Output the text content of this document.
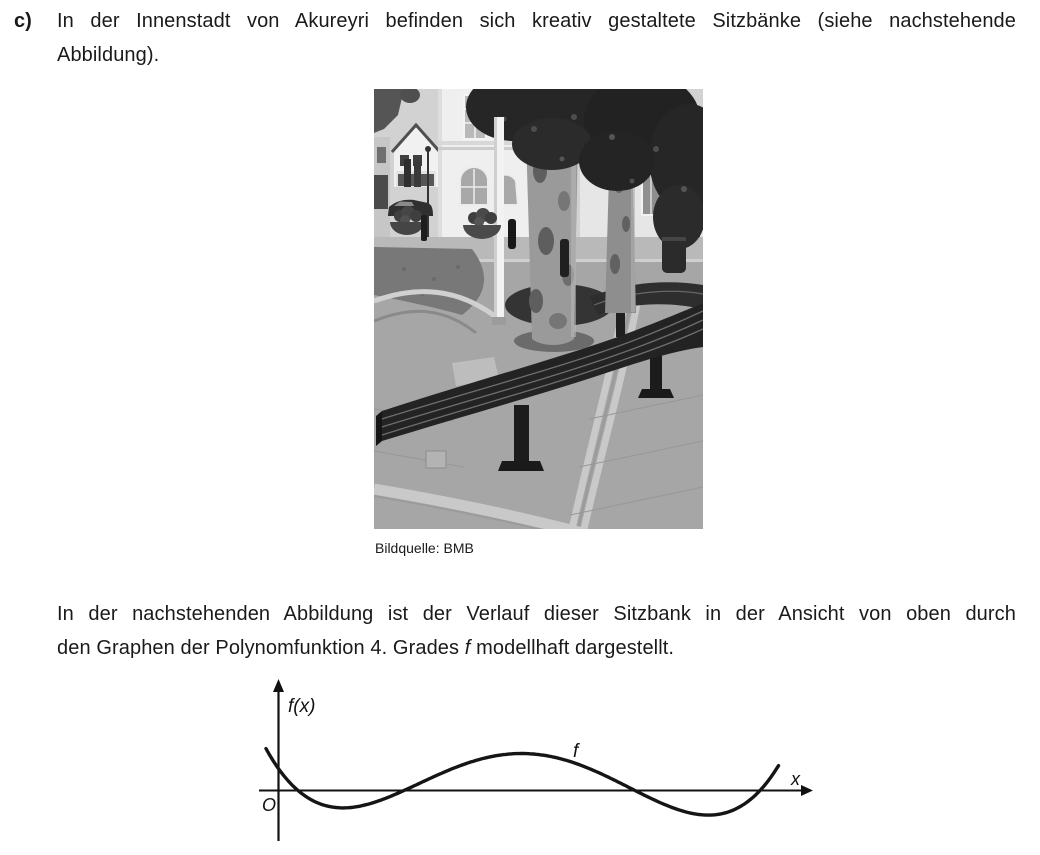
c) In der Innenstadt von Akureyri befinden sich kreativ gestaltete Sitzbänke (siehe nachstehende
Abbildung).
Bildquelle: BMB
In der nachstehenden Abbildung ist der Verlauf dieser Sitzbank in der Ansicht von oben durch
den Graphen der Polynomfunktion 4. Grades f modellhaft dargestellt.
f(x)
x
O
f
